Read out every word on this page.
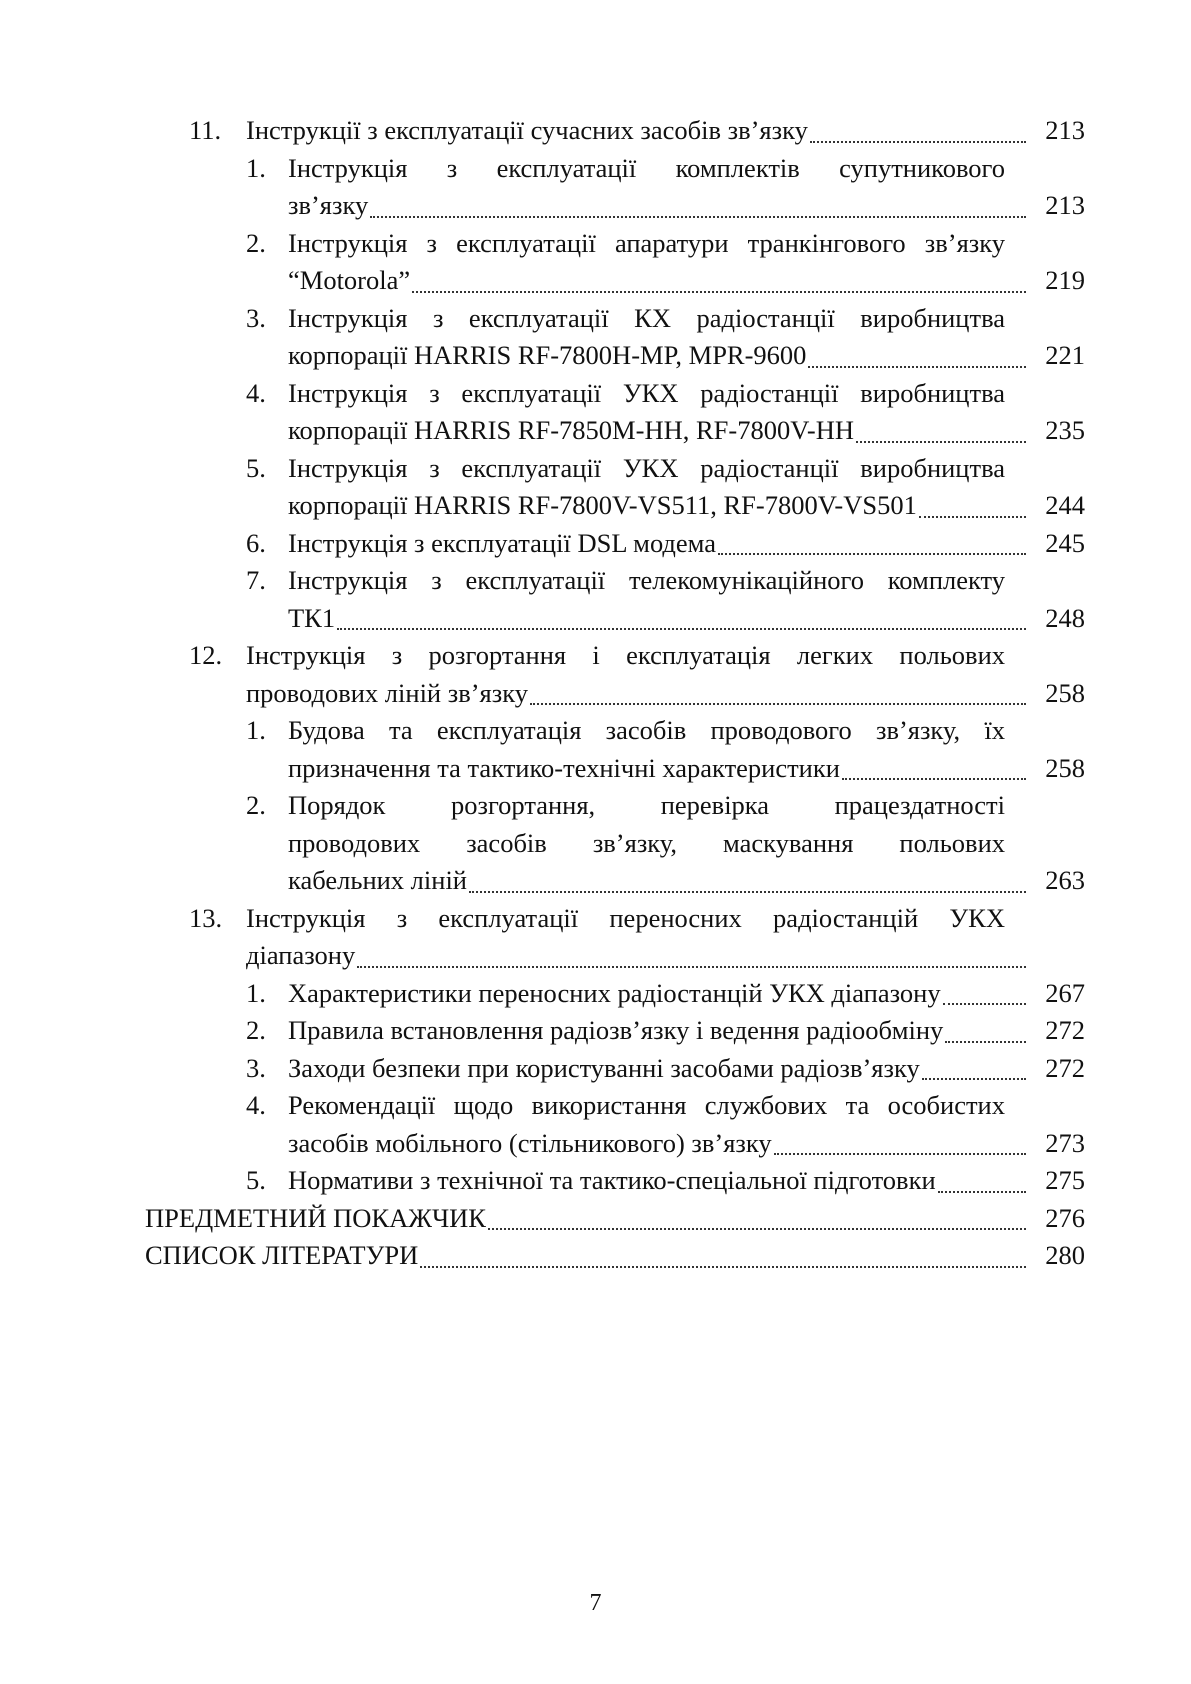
11. Інструкції з експлуатації сучасних засобів зв’язку	213
1. Інструкція з експлуатації комплектів супутникового
зв’язку	213
2. Інструкція з експлуатації апаратури транкінгового зв’язку
“Motorola”	219
3. Інструкція з експлуатації КХ радіостанції виробництва
корпорації HARRIS RF-7800H-MP, MPR-9600	221
4. Інструкція з експлуатації УКХ радіостанції виробництва
корпорації HARRIS RF-7850M-HH, RF-7800V-HH	235
5. Інструкція з експлуатації УКХ радіостанції виробництва
корпорації HARRIS RF-7800V-VS511, RF-7800V-VS501	244
6. Інструкція з експлуатації DSL модема	245
7. Інструкція з експлуатації телекомунікаційного комплекту
ТК1	248
12. Інструкція з розгортання і експлуатація легких польових
проводових ліній зв’язку	258
1. Будова та експлуатація засобів проводового зв’язку, їх
призначення та тактико-технічні характеристики	258
2. Порядок розгортання, перевірка працездатності
проводових засобів зв’язку, маскування польових
кабельних ліній	263
13. Інструкція з експлуатації переносних радіостанцій УКХ
діапазону
1. Характеристики переносних радіостанцій УКХ діапазону	267
2. Правила встановлення радіозв’язку і ведення радіообміну	272
3. Заходи безпеки при користуванні засобами радіозв’язку	272
4. Рекомендації щодо використання службових та особистих
засобів мобільного (стільникового) зв’язку	273
5. Нормативи з технічної та тактико-спеціальної підготовки	275
ПРЕДМЕТНИЙ ПОКАЖЧИК	276
СПИСОК ЛІТЕРАТУРИ	280
7
